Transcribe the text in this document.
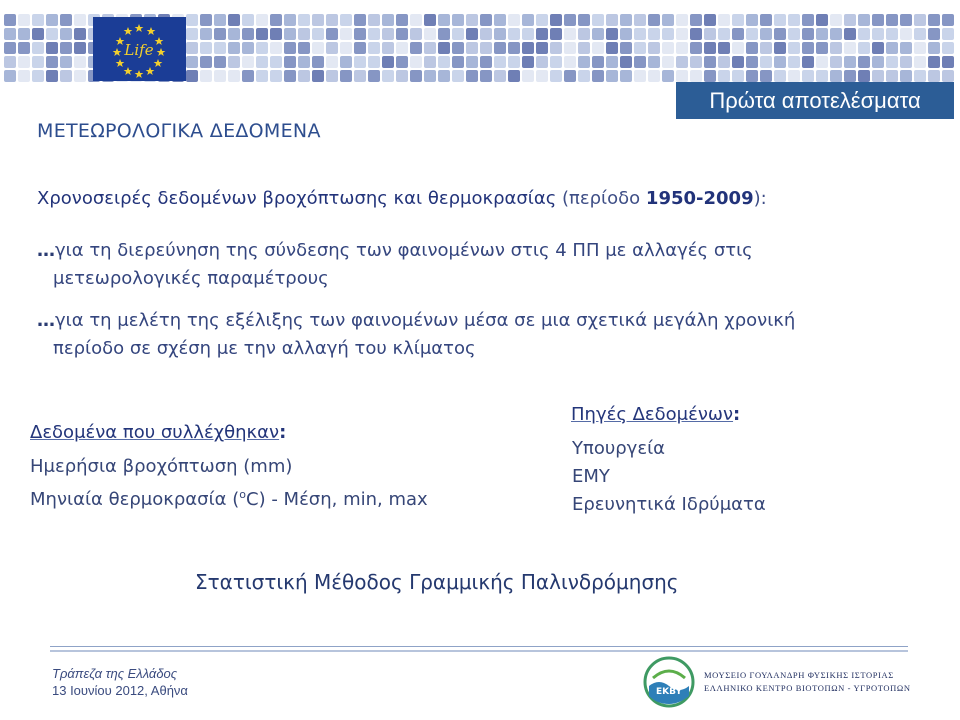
Life
Πρώτα αποτελέσματα
ΜΕΤΕΩΡΟΛΟΓΙΚΑ ΔΕΔΟΜΕΝΑ
Χρονοσειρές δεδομένων βροχόπτωσης και θερμοκρασίας (περίοδο 1950-2009):
…για τη διερεύνηση της σύνδεσης των φαινομένων στις 4 ΠΠ με αλλαγές στις
μετεωρολογικές παραμέτρους
…για τη μελέτη της εξέλιξης των φαινομένων μέσα σε μια σχετικά μεγάλη χρονική
περίοδο σε σχέση με την αλλαγή του κλίματος
Δεδομένα που συλλέχθηκαν:
Ημερήσια βροχόπτωση (mm)
Μηνιαία θερμοκρασία ($^o$C) - Μέση, min, max
Πηγές Δεδομένων:
Υπουργεία
ΕΜΥ
Ερευνητικά Ιδρύματα
Στατιστική Μέθοδος Γραμμικής Παλινδρόμησης
Τράπεζα της Ελλάδος
13 Ιουνίου 2012, Αθήνα	EKBY
ΜΟΥΣΕΙΟ ΓΟΥΛΑΝΔΡΗ ΦΥΣΙΚΗΣ ΙΣΤΟΡΙΑΣ
ΕΛΛΗΝΙΚΟ ΚΕΝΤΡΟ ΒΙΟΤΟΠΩΝ - ΥΓΡΟΤΟΠΩΝ
